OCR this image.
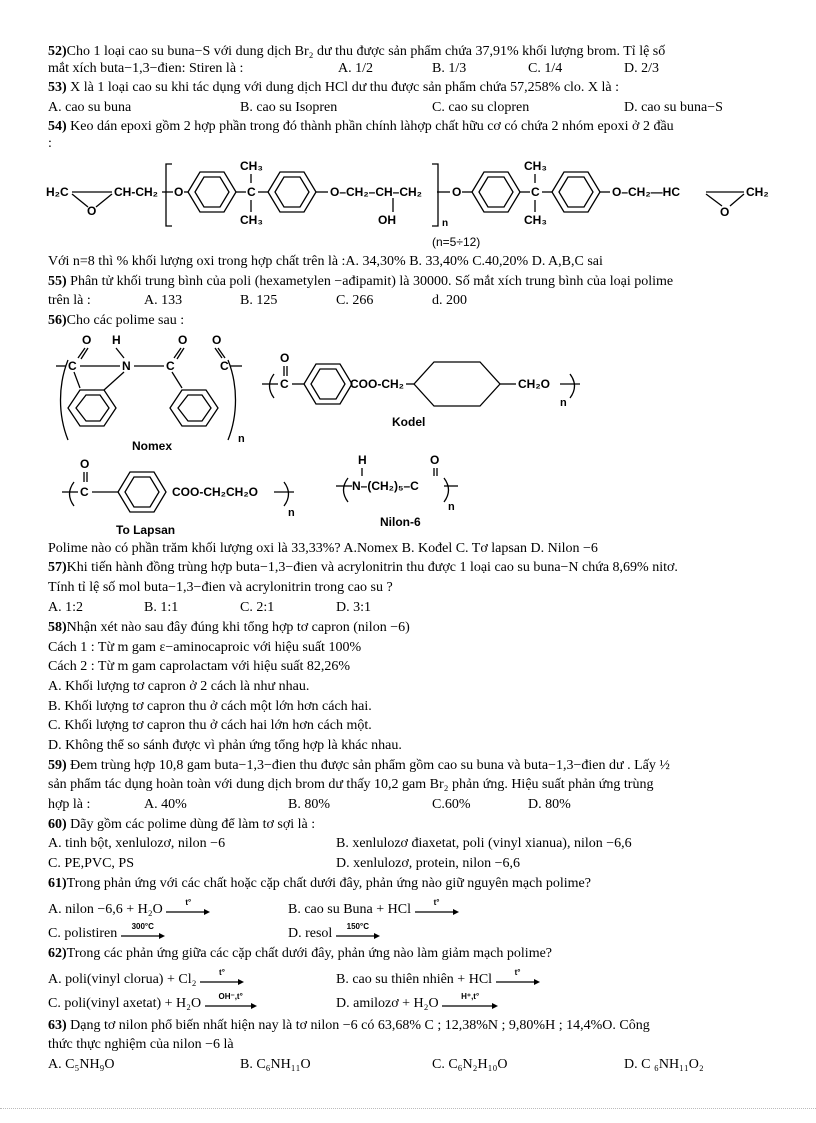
52)Cho 1 loại cao su buna−S với dung dịch Br₂ dư thu được sản phẩm chứa 37,91% khối lượng brom. Tỉ lệ số
mắt xích buta−1,3−đien: Stiren là :	A. 1/2	B. 1/3	C. 1/4	D. 2/3
53) X là 1 loại cao su khi tác dụng với dung dịch HCl dư thu được sản phẩm chứa 57,258% clo. X là :
A. cao su buna	B. cao su Isopren	C. cao su clopren	D. cao su buna−S
54) Keo dán epoxi gồm 2 hợp phần trong đó thành phần chính làhợp chất hữu cơ có chứa 2 nhóm epoxi ở 2 đầu
:
H₂C	CH-CH₂
O
O	C
CH₃
CH₃
O–CH₂–CH–CH₂
OH	n
O	C
CH₃
CH₃
O–CH₂—HC	CH₂
O
(n=5÷12)
Với n=8 thì % khối lượng oxi trong hợp chất trên là :A. 34,30% B. 33,40% C.40,20% D. A,B,C sai
55) Phân tử khối trung bình của poli (hexametylen −ađipamit) là 30000. Số mắt xích trung bình của loại polime
trên là :	A. 133	B. 125	C. 266	d. 200
56)Cho các polime sau :
O H	O O
C	N	C	C
Nomex	n
O
C	COO-CH₂	CH₂O
n
Kodel
O
C	COO-CH₂CH₂O
n
To Lapsan
H	O
N–(CH₂)₅–C
n
Nilon-6
Polime nào có phần trăm khối lượng oxi là 33,33%? A.Nomex B. Kođel C. Tơ lapsan D. Nilon −6
57)Khi tiến hành đồng trùng hợp buta−1,3−đien và acrylonitrin thu được 1 loại cao su buna−N chứa 8,69% nitơ.
Tính tỉ lệ số mol buta−1,3−đien và acrylonitrin trong cao su ?
A. 1:2	B. 1:1	C. 2:1	D. 3:1
58)Nhận xét nào sau đây đúng khi tổng hợp tơ capron (nilon −6)
Cách 1 : Từ m gam ε−aminocaproic với hiệu suất 100%
Cách 2 : Từ m gam caprolactam với hiệu suất 82,26%
A. Khối lượng tơ capron ở 2 cách là như nhau.
B. Khối lượng tơ capron thu ở cách một lớn hơn cách hai.
C. Khối lượng tơ capron thu ở cách hai lớn hơn cách một.
D. Không thể so sánh được vì phản ứng tổng hợp là khác nhau.
59) Đem trùng hợp 10,8 gam buta−1,3−đien thu được sản phẩm gồm cao su buna và buta−1,3−đien dư . Lấy ½
sản phẩm tác dụng hoàn toàn với dung dịch brom dư thấy 10,2 gam Br₂ phản ứng. Hiệu suất phản ứng trùng
hợp là :	A. 40%	B. 80%	C.60%	D. 80%
60) Dãy gồm các polime dùng để làm tơ sợi là :
A. tinh bột, xenlulozơ, nilon −6	B. xenlulozơ điaxetat, poli (vinyl xianua), nilon −6,6
C. PE,PVC, PS	D. xenlulozơ, protein, nilon −6,6
61)Trong phản ứng với các chất hoặc cặp chất dưới đây, phản ứng nào giữ nguyên mạch polime?
A. nilon −6,6 + H₂O	t°	B. cao su Buna + HCl	t°
C. polistiren	300°C	D. resol	150°C
62)Trong các phản ứng giữa các cặp chất dưới đây, phản ứng nào làm giảm mạch polime?
A. poli(vinyl clorua) + Cl₂	t°	B. cao su thiên nhiên + HCl	t°
C. poli(vinyl axetat) + H₂O	OH⁻,t°	D. amilozơ + H₂O	H⁺,t°
63) Dạng tơ nilon phổ biến nhất hiện nay là tơ nilon −6 có 63,68% C ; 12,38%N ; 9,80%H ; 14,4%O. Công
thức thực nghiệm của nilon −6 là
A. C₅NH₉O	B. C₆NH₁₁O	C. C₆N₂H₁₀O	D. C ₆NH₁₁O₂
